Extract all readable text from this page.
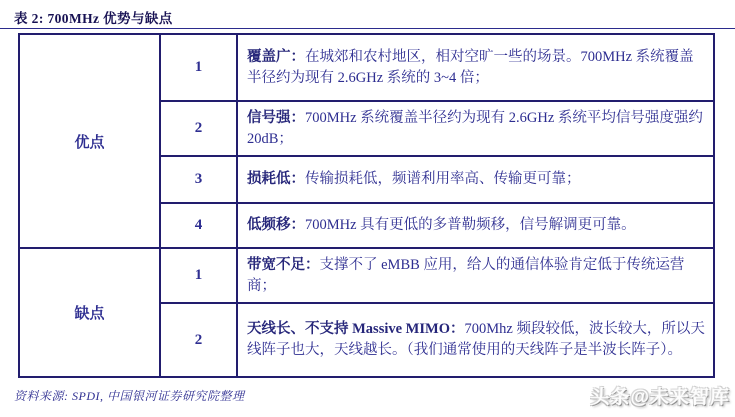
表 2: 700MHz 优势与缺点
优点	1	覆盖广：在城郊和农村地区，相对空旷一些的场景。700MHz 系统覆盖半径约为现有 2.6GHz 系统的 3~4 倍；
	2	信号强：700MHz 系统覆盖半径约为现有 2.6GHz 系统平均信号强度强约 20dB；
	3	损耗低：传输损耗低，频谱利用率高、传输更可靠；
	4	低频移：700MHz 具有更低的多普勒频移，信号解调更可靠。
缺点	1	带宽不足：支撑不了 eMBB 应用，给人的通信体验肯定低于传统运营商；
	2	天线长、不支持 Massive MIMO：700Mhz 频段较低，波长较大，所以天线阵子也大，天线越长。（我们通常使用的天线阵子是半波长阵子）。
资料来源: SPDI, 中国银河证券研究院整理	头条@未来智库
